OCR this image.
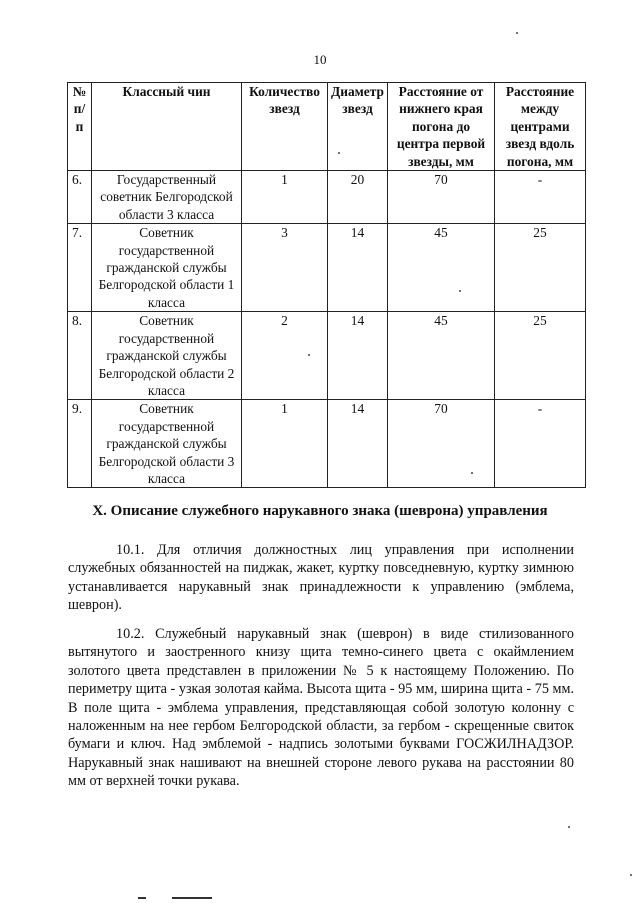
10
№ п/п	Классный чин	Количество звезд	Диаметр звезд	Расстояние от нижнего края погона до центра первой звезды, мм	Расстояние между центрами звезд вдоль погона, мм
6.	Государственный советник Белгородской области 3 класса	1	20	70	-
7.	Советник государственной гражданской службы Белгородской области 1 класса	3	14	45	25
8.	Советник государственной гражданской службы Белгородской области 2 класса	2	14	45	25
9.	Советник государственной гражданской службы Белгородской области 3 класса	1	14	70	-
X. Описание служебного нарукавного знака (шеврона) управления

10.1. Для отличия должностных лиц управления при исполнении служебных обязанностей на пиджак, жакет, куртку повседневную, куртку зимнюю устанавливается нарукавный знак принадлежности к управлению (эмблема, шеврон).

10.2. Служебный нарукавный знак (шеврон) в виде стилизованного вытянутого и заостренного книзу щита темно-синего цвета с окаймлением золотого цвета представлен в приложении № 5 к настоящему Положению. По периметру щита - узкая золотая кайма. Высота щита - 95 мм, ширина щита - 75 мм. В поле щита - эмблема управления, представляющая собой золотую колонну с наложенным на нее гербом Белгородской области, за гербом - скрещенные свиток бумаги и ключ. Над эмблемой - надпись золотыми буквами ГОСЖИЛНАДЗОР. Нарукавный знак нашивают на внешней стороне левого рукава на расстоянии 80 мм от верхней точки рукава.
